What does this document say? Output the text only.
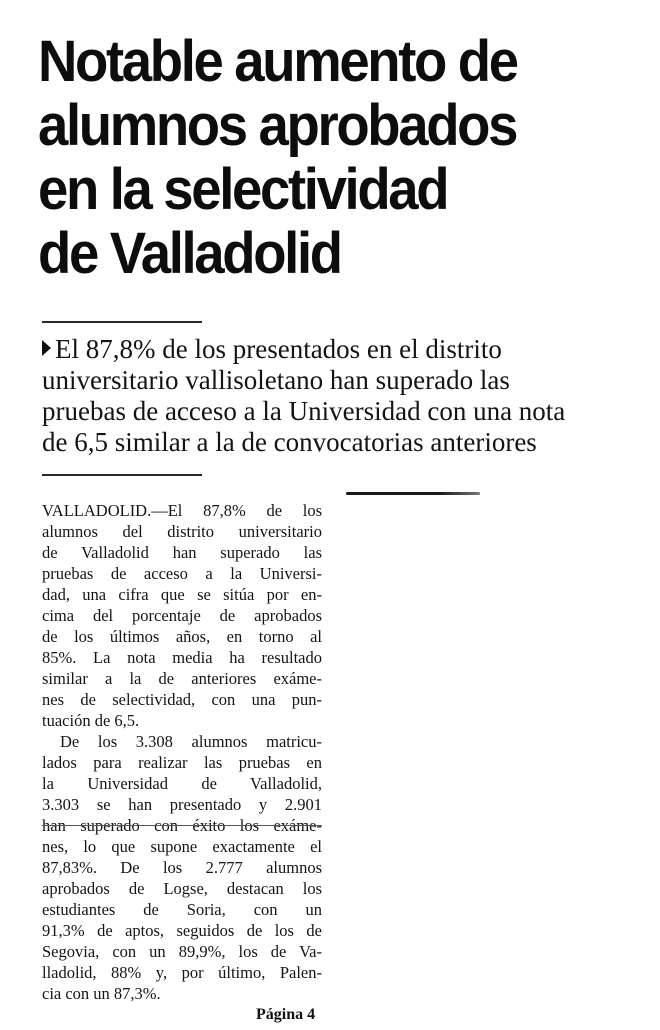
Notable aumento de
alumnos aprobados
en la selectividad
de Valladolid
El 87,8% de los presentados en el distrito
universitario vallisoletano han superado las
pruebas de acceso a la Universidad con una nota
de 6,5 similar a la de convocatorias anteriores
VALLADOLID.—El 87,8% de los
alumnos del distrito universitario
de Valladolid han superado las
pruebas de acceso a la Universi-
dad, una cifra que se sitúa por en-
cima del porcentaje de aprobados
de los últimos años, en torno al
85%. La nota media ha resultado
similar a la de anteriores exáme-
nes de selectividad, con una pun-
tuación de 6,5.
De los 3.308 alumnos matricu-
lados para realizar las pruebas en
la Universidad de Valladolid,
3.303 se han presentado y 2.901
han superado con éxito los exáme-
nes, lo que supone exactamente el
87,83%. De los 2.777 alumnos
aprobados de Logse, destacan los
estudiantes de Soria, con un
91,3% de aptos, seguidos de los de
Segovia, con un 89,9%, los de Va-
lladolid, 88% y, por último, Palen-
cia con un 87,3%.
Página 4
